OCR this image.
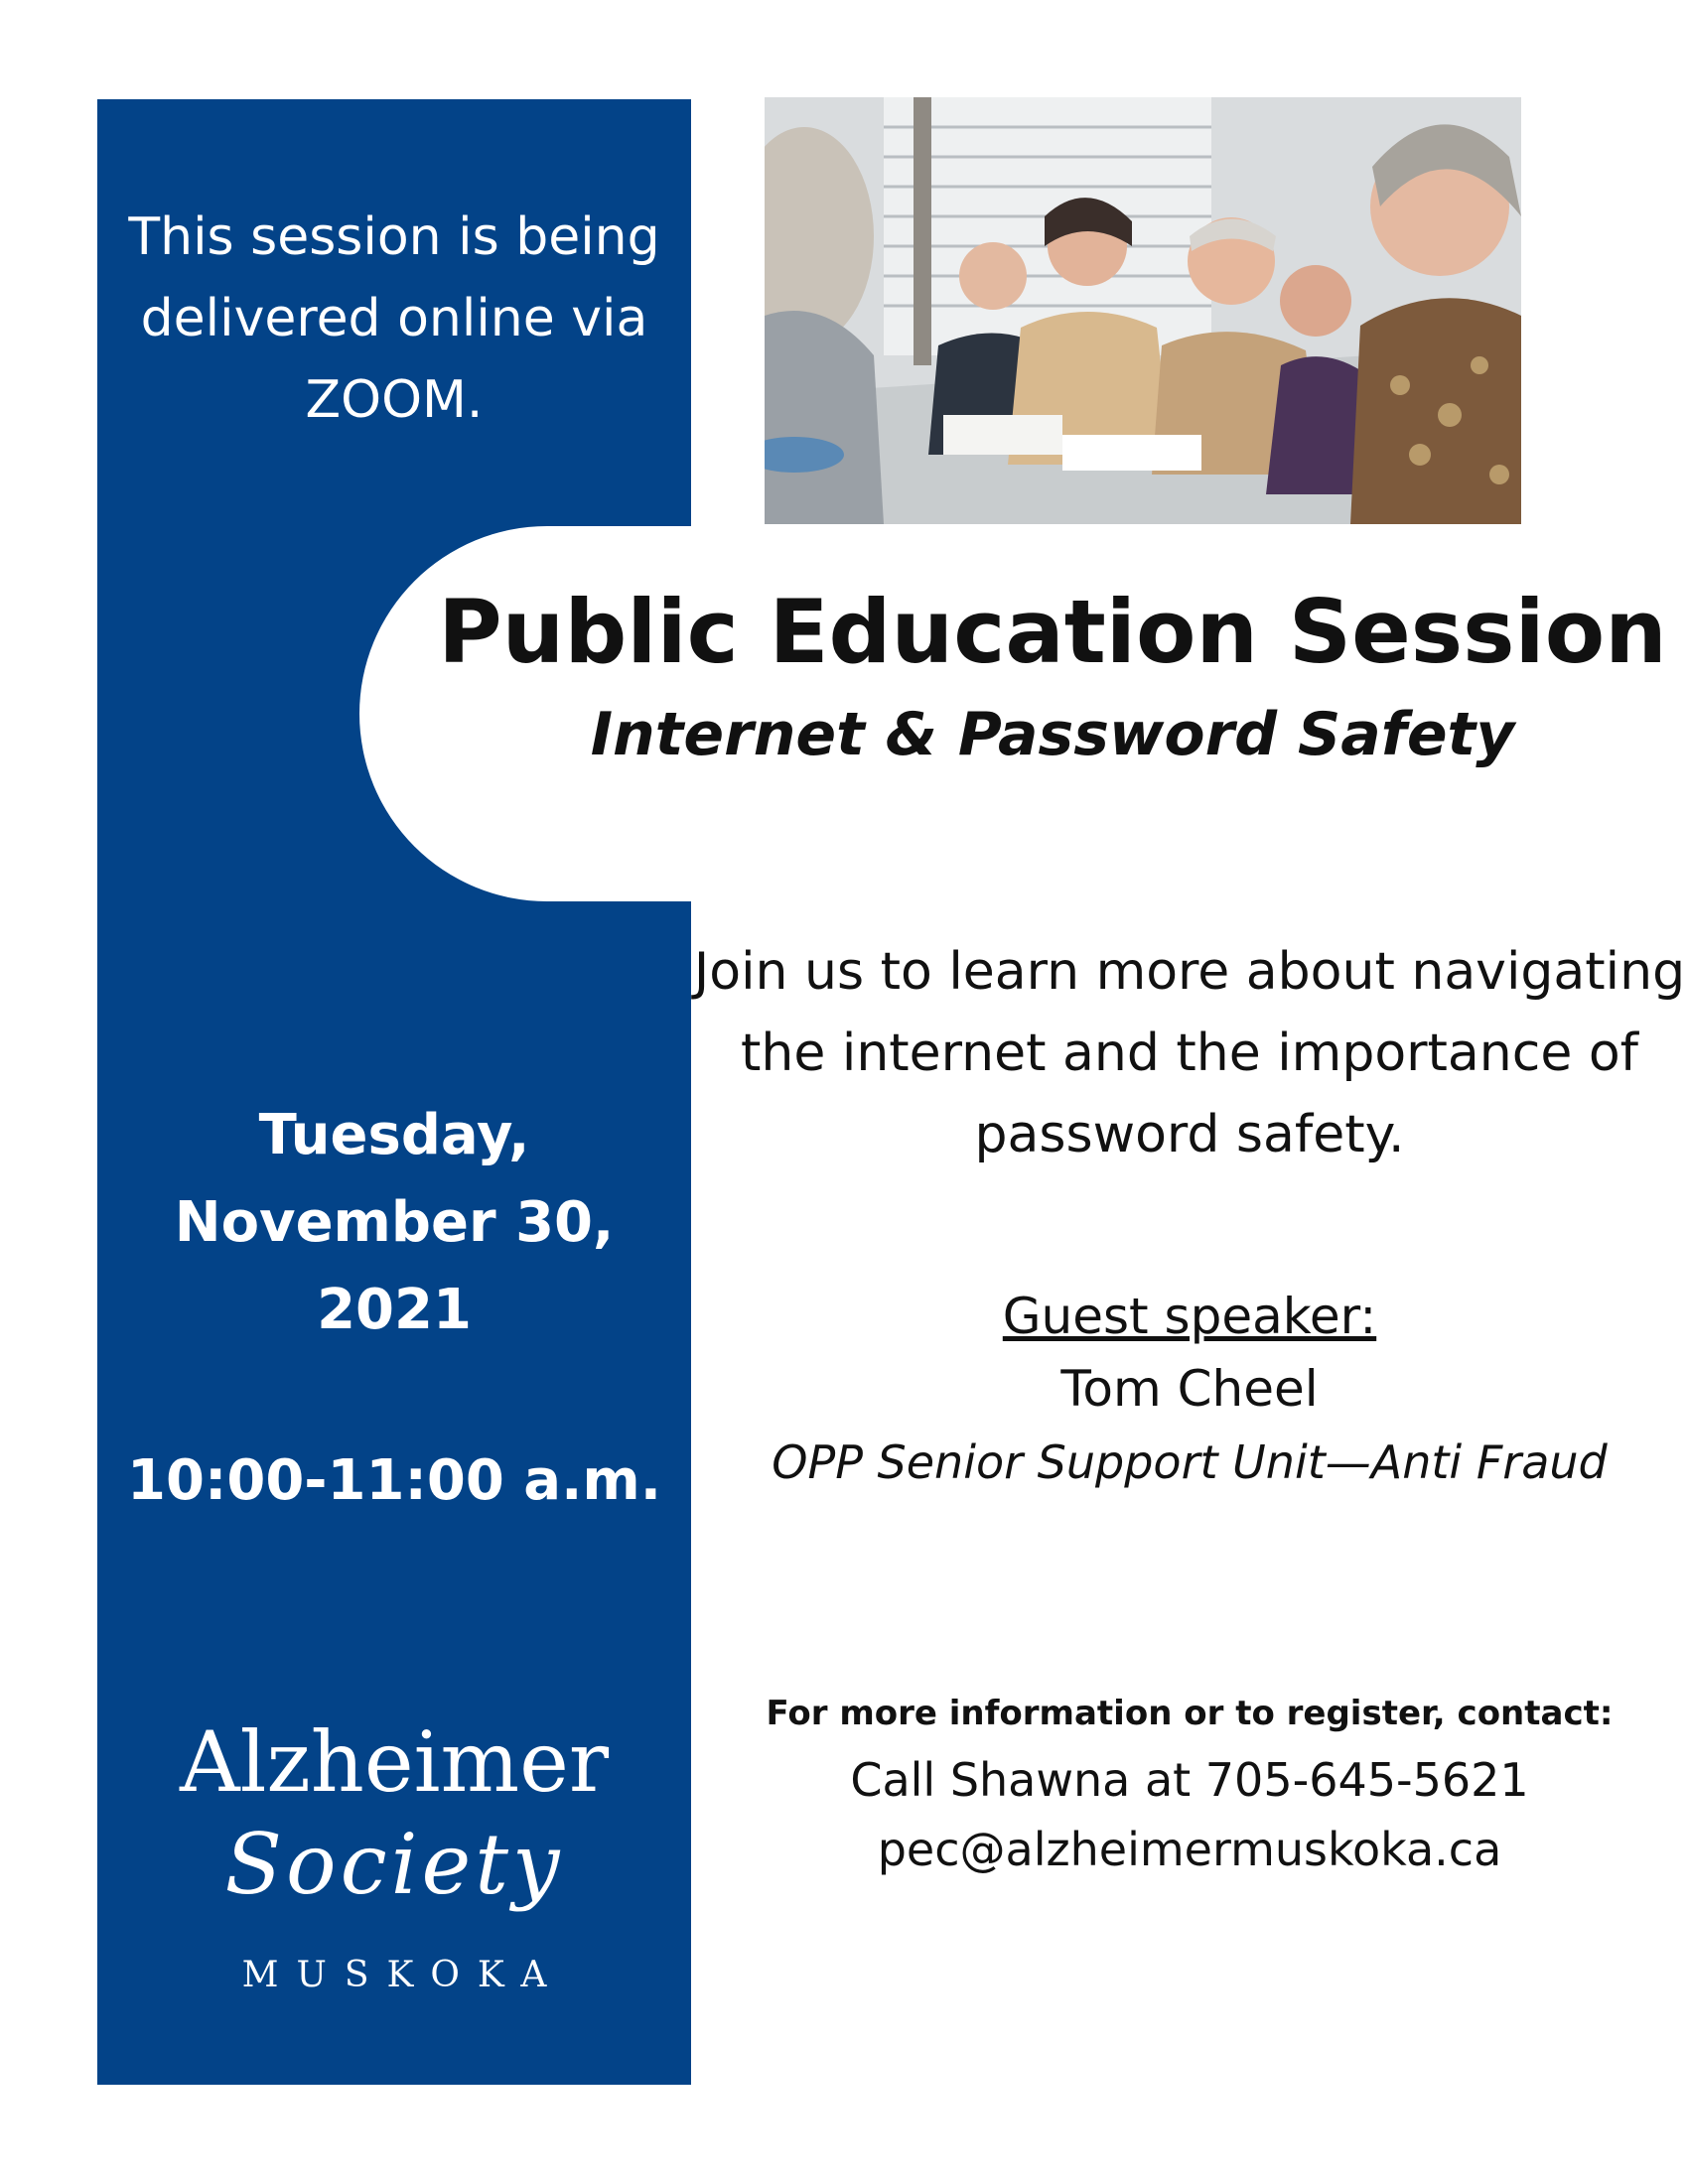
This session is being delivered online via ZOOM.
Tuesday, November 30, 2021
10:00-11:00 a.m.
Alzheimer
Society
MUSKOKA
Public Education Session
Internet & Password Safety
Join us to learn more about navigating the internet and the importance of password safety.
Guest speaker:
Tom Cheel
OPP Senior Support Unit—Anti Fraud
For more information or to register, contact:
Call Shawna at 705-645-5621
pec@alzheimermuskoka.ca
